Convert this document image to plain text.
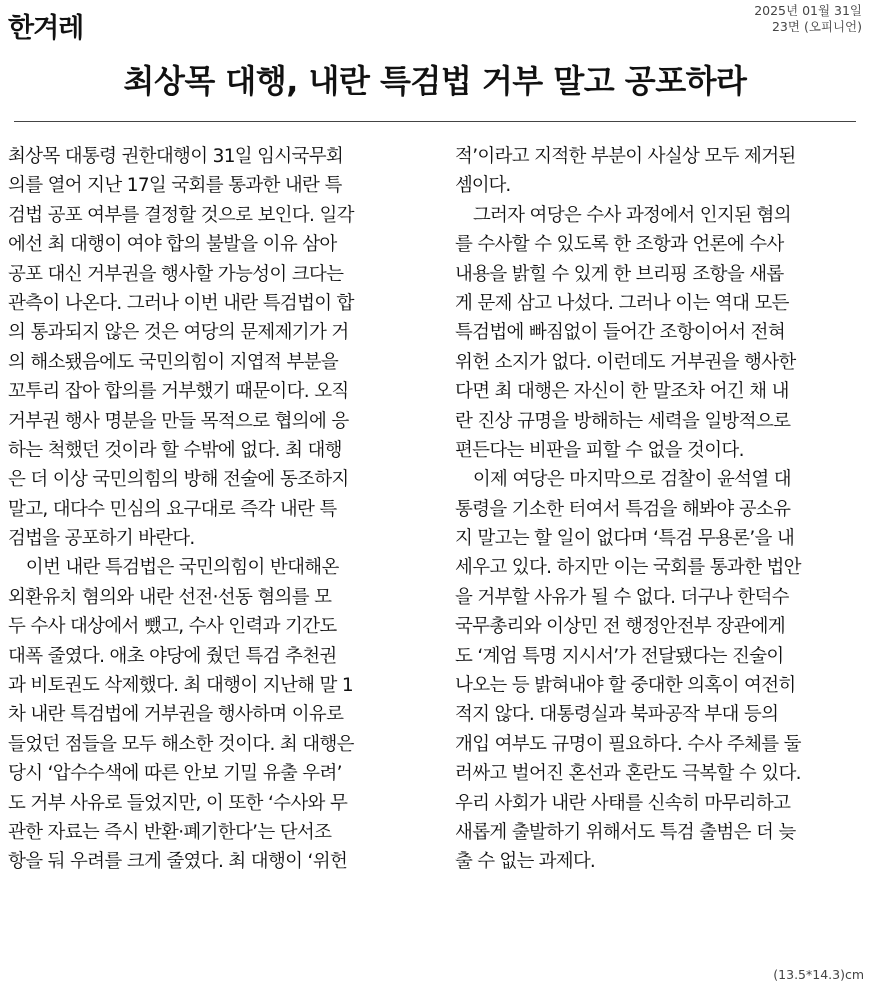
한겨레
2025년 01월 31일
23면 (오피니언)
최상목 대행, 내란 특검법 거부 말고 공포하라
최상목 대통령 권한대행이 31일 임시국무회
의를 열어 지난 17일 국회를 통과한 내란 특
검법 공포 여부를 결정할 것으로 보인다. 일각
에선 최 대행이 여야 합의 불발을 이유 삼아
공포 대신 거부권을 행사할 가능성이 크다는
관측이 나온다. 그러나 이번 내란 특검법이 합
의 통과되지 않은 것은 여당의 문제제기가 거
의 해소됐음에도 국민의힘이 지엽적 부분을
꼬투리 잡아 합의를 거부했기 때문이다. 오직
거부권 행사 명분을 만들 목적으로 협의에 응
하는 척했던 것이라 할 수밖에 없다. 최 대행
은 더 이상 국민의힘의 방해 전술에 동조하지
말고, 대다수 민심의 요구대로 즉각 내란 특
검법을 공포하기 바란다.
　이번 내란 특검법은 국민의힘이 반대해온
외환유치 혐의와 내란 선전·선동 혐의를 모
두 수사 대상에서 뺐고, 수사 인력과 기간도
대폭 줄였다. 애초 야당에 줬던 특검 추천권
과 비토권도 삭제했다. 최 대행이 지난해 말 1
차 내란 특검법에 거부권을 행사하며 이유로
들었던 점들을 모두 해소한 것이다. 최 대행은
당시 ‘압수수색에 따른 안보 기밀 유출 우려’
도 거부 사유로 들었지만, 이 또한 ‘수사와 무
관한 자료는 즉시 반환·폐기한다’는 단서조
항을 둬 우려를 크게 줄였다. 최 대행이 ‘위헌
적’이라고 지적한 부분이 사실상 모두 제거된
셈이다.
　그러자 여당은 수사 과정에서 인지된 혐의
를 수사할 수 있도록 한 조항과 언론에 수사
내용을 밝힐 수 있게 한 브리핑 조항을 새롭
게 문제 삼고 나섰다. 그러나 이는 역대 모든
특검법에 빠짐없이 들어간 조항이어서 전혀
위헌 소지가 없다. 이런데도 거부권을 행사한
다면 최 대행은 자신이 한 말조차 어긴 채 내
란 진상 규명을 방해하는 세력을 일방적으로
편든다는 비판을 피할 수 없을 것이다.
　이제 여당은 마지막으로 검찰이 윤석열 대
통령을 기소한 터여서 특검을 해봐야 공소유
지 말고는 할 일이 없다며 ‘특검 무용론’을 내
세우고 있다. 하지만 이는 국회를 통과한 법안
을 거부할 사유가 될 수 없다. 더구나 한덕수
국무총리와 이상민 전 행정안전부 장관에게
도 ‘계엄 특명 지시서’가 전달됐다는 진술이
나오는 등 밝혀내야 할 중대한 의혹이 여전히
적지 않다. 대통령실과 북파공작 부대 등의
개입 여부도 규명이 필요하다. 수사 주체를 둘
러싸고 벌어진 혼선과 혼란도 극복할 수 있다.
우리 사회가 내란 사태를 신속히 마무리하고
새롭게 출발하기 위해서도 특검 출범은 더 늦
출 수 없는 과제다.
(13.5*14.3)cm
